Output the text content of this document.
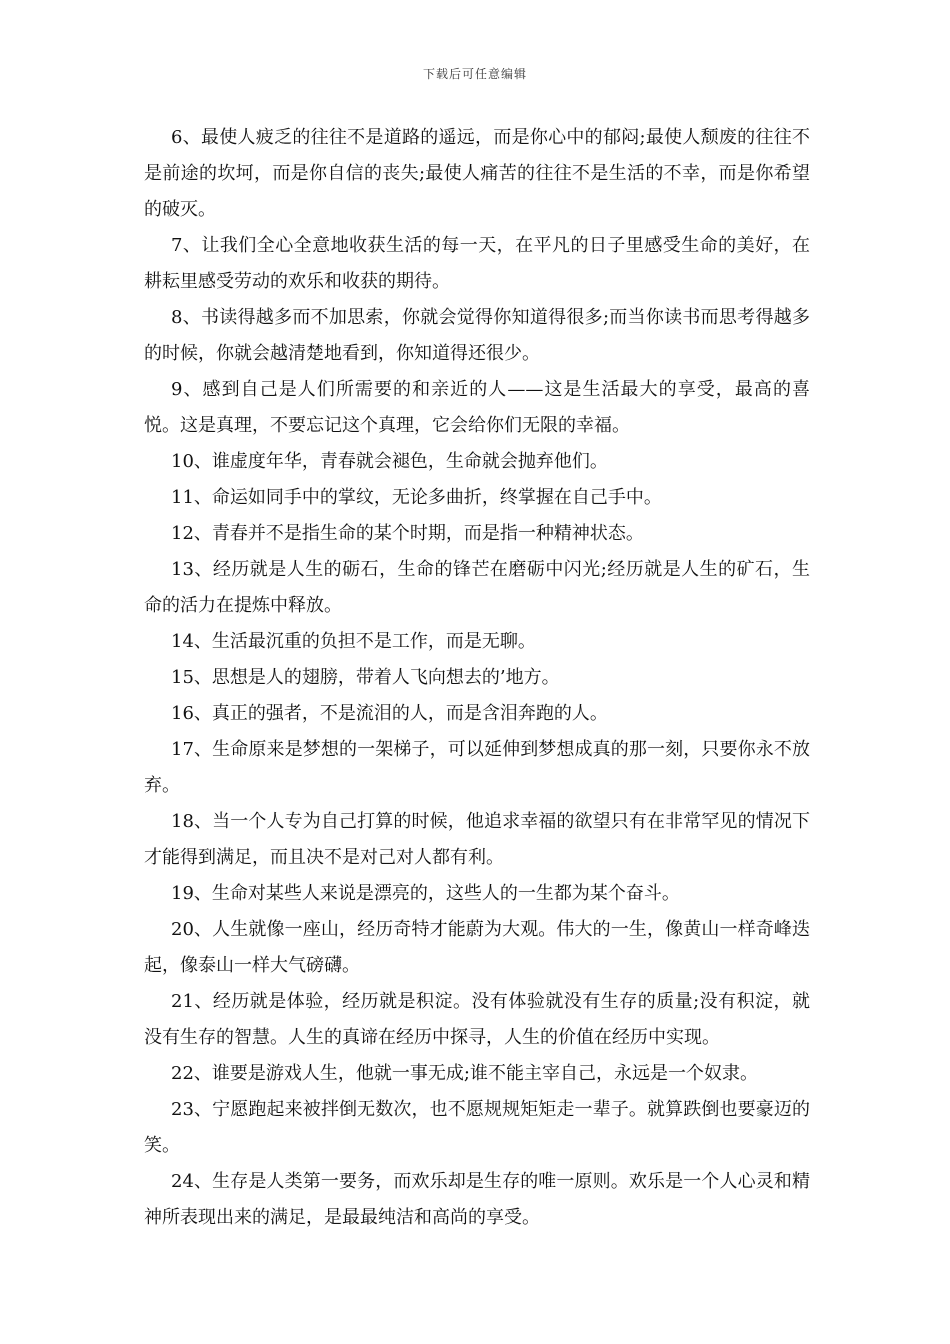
下载后可任意编辑

6、最使人疲乏的往往不是道路的遥远，而是你心中的郁闷;最使人颓废的往往不是前途的坎坷，而是你自信的丧失;最使人痛苦的往往不是生活的不幸，而是你希望的破灭。

7、让我们全心全意地收获生活的每一天，在平凡的日子里感受生命的美好，在耕耘里感受劳动的欢乐和收获的期待。

8、书读得越多而不加思索，你就会觉得你知道得很多;而当你读书而思考得越多的时候，你就会越清楚地看到，你知道得还很少。

9、感到自己是人们所需要的和亲近的人——这是生活最大的享受，最高的喜悦。这是真理，不要忘记这个真理，它会给你们无限的幸福。

10、谁虚度年华，青春就会褪色，生命就会抛弃他们。

11、命运如同手中的掌纹，无论多曲折，终掌握在自己手中。

12、青春并不是指生命的某个时期，而是指一种精神状态。

13、经历就是人生的砺石，生命的锋芒在磨砺中闪光;经历就是人生的矿石，生命的活力在提炼中释放。

14、生活最沉重的负担不是工作，而是无聊。

15、思想是人的翅膀，带着人飞向想去的’地方。

16、真正的强者，不是流泪的人，而是含泪奔跑的人。

17、生命原来是梦想的一架梯子，可以延伸到梦想成真的那一刻，只要你永不放弃。

18、当一个人专为自己打算的时候，他追求幸福的欲望只有在非常罕见的情况下才能得到满足，而且决不是对己对人都有利。

19、生命对某些人来说是漂亮的，这些人的一生都为某个奋斗。

20、人生就像一座山，经历奇特才能蔚为大观。伟大的一生，像黄山一样奇峰迭起，像泰山一样大气磅礴。

21、经历就是体验，经历就是积淀。没有体验就没有生存的质量;没有积淀，就没有生存的智慧。人生的真谛在经历中探寻，人生的价值在经历中实现。

22、谁要是游戏人生，他就一事无成;谁不能主宰自己，永远是一个奴隶。

23、宁愿跑起来被拌倒无数次，也不愿规规矩矩走一辈子。就算跌倒也要豪迈的笑。

24、生存是人类第一要务，而欢乐却是生存的唯一原则。欢乐是一个人心灵和精神所表现出来的满足，是最最纯洁和高尚的享受。
